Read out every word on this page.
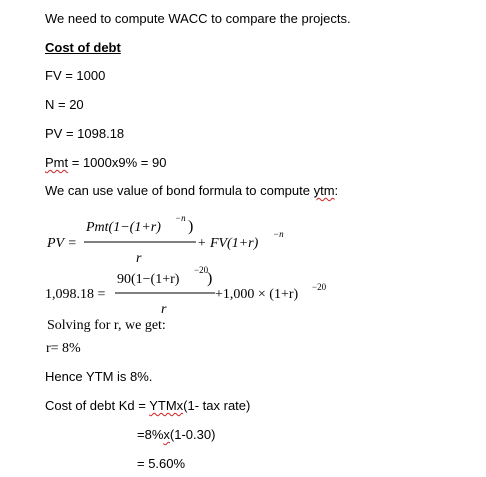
We need to compute WACC to compare the projects.
Cost of debt
FV = 1000
N = 20
PV = 1098.18
Pmt = 1000x9% = 90
We can use value of bond formula to compute ytm:
PV =
Pmt(1−(1+r)
−n )
r
+ FV(1+r)
−n
1,098.18 =
90(1−(1+r)
−20
)
r
+1,000 × (1+r) −20
Solving for r, we get:
r= 8%
Hence YTM is 8%.
Cost of debt Kd = YTMx(1- tax rate)
=8%x(1-0.30)
= 5.60%
